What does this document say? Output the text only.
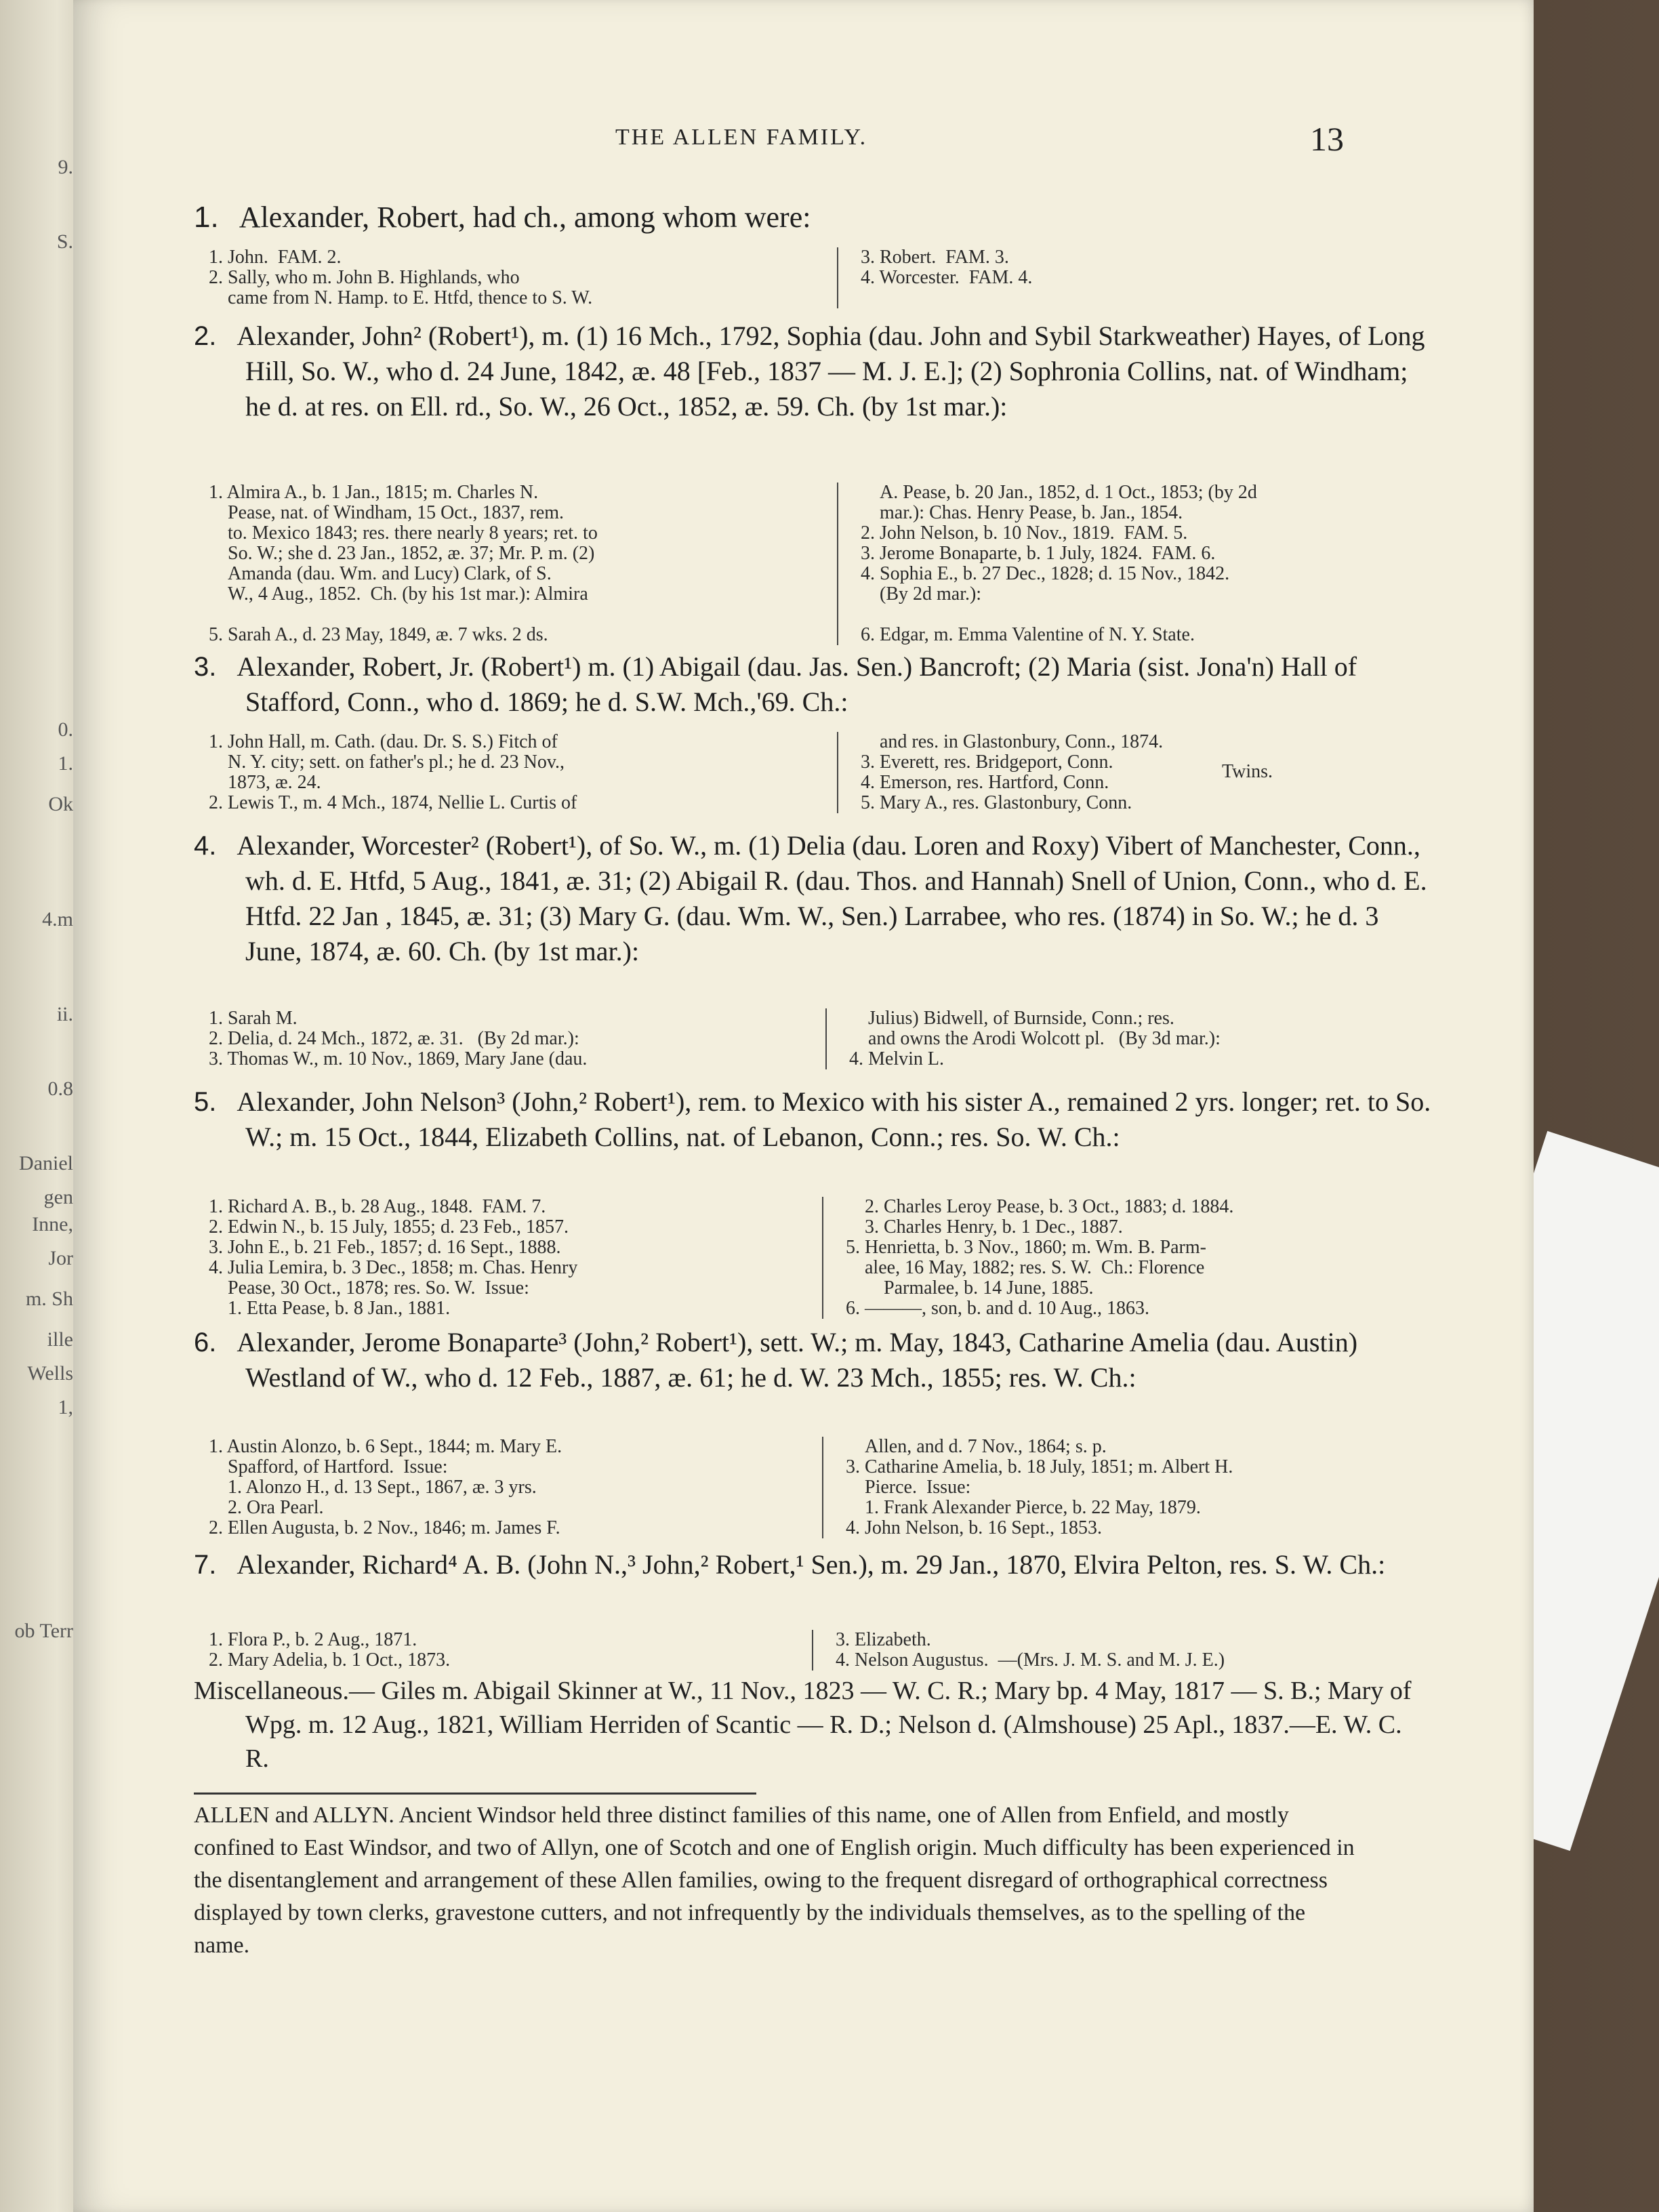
9.
S.
0.
1.
Ok
4.m
ii.
0.8
Daniel
gen
Inne,
Jor
m. Sh
ille
Wells
1,
ob Terr
THE ALLEN FAMILY.	13
1. Alexander, Robert, had ch., among whom were:
1. John.  FAM. 2.
2. Sally, who m. John B. Highlands, who
came from N. Hamp. to E. Htfd, thence to S. W.
3. Robert.  FAM. 3.
4. Worcester.  FAM. 4.
2. Alexander, John² (Robert¹), m. (1) 16 Mch., 1792, Sophia (dau. John and Sybil Starkweather) Hayes, of Long Hill, So. W., who d. 24 June, 1842, æ. 48 [Feb., 1837 — M. J. E.]; (2) Sophronia Collins, nat. of Windham; he d. at res. on Ell. rd., So. W., 26 Oct., 1852, æ. 59. Ch. (by 1st mar.):
1. Almira A., b. 1 Jan., 1815; m. Charles N.
Pease, nat. of Windham, 15 Oct., 1837, rem.
to. Mexico 1843; res. there nearly 8 years; ret. to
So. W.; she d. 23 Jan., 1852, æ. 37; Mr. P. m. (2)
Amanda (dau. Wm. and Lucy) Clark, of S.
W., 4 Aug., 1852.  Ch. (by his 1st mar.): Almira

5. Sarah A., d. 23 May, 1849, æ. 7 wks. 2 ds.
A. Pease, b. 20 Jan., 1852, d. 1 Oct., 1853; (by 2d
mar.): Chas. Henry Pease, b. Jan., 1854.
2. John Nelson, b. 10 Nov., 1819.  FAM. 5.
3. Jerome Bonaparte, b. 1 July, 1824.  FAM. 6.
4. Sophia E., b. 27 Dec., 1828; d. 15 Nov., 1842.
(By 2d mar.):

6. Edgar, m. Emma Valentine of N. Y. State.
3. Alexander, Robert, Jr. (Robert¹) m. (1) Abigail (dau. Jas. Sen.) Bancroft; (2) Maria (sist. Jona'n) Hall of Stafford, Conn., who d. 1869; he d. S.W. Mch.,'69. Ch.:
1. John Hall, m. Cath. (dau. Dr. S. S.) Fitch of
N. Y. city; sett. on father's pl.; he d. 23 Nov.,
1873, æ. 24.
2. Lewis T., m. 4 Mch., 1874, Nellie L. Curtis of
and res. in Glastonbury, Conn., 1874.
3. Everett, res. Bridgeport, Conn.
4. Emerson, res. Hartford, Conn.
5. Mary A., res. Glastonbury, Conn.
Twins.
4. Alexander, Worcester² (Robert¹), of So. W., m. (1) Delia (dau. Loren and Roxy) Vibert of Manchester, Conn., wh. d. E. Htfd, 5 Aug., 1841, æ. 31; (2) Abigail R. (dau. Thos. and Hannah) Snell of Union, Conn., who d. E. Htfd. 22 Jan , 1845, æ. 31; (3) Mary G. (dau. Wm. W., Sen.) Larrabee, who res. (1874) in So. W.; he d. 3 June, 1874, æ. 60. Ch. (by 1st mar.):
1. Sarah M.
2. Delia, d. 24 Mch., 1872, æ. 31.   (By 2d mar.):
3. Thomas W., m. 10 Nov., 1869, Mary Jane (dau.
Julius) Bidwell, of Burnside, Conn.; res.
and owns the Arodi Wolcott pl.   (By 3d mar.):
4. Melvin L.
5. Alexander, John Nelson³ (John,² Robert¹), rem. to Mexico with his sister A., remained 2 yrs. longer; ret. to So. W.; m. 15 Oct., 1844, Elizabeth Collins, nat. of Lebanon, Conn.; res. So. W. Ch.:
1. Richard A. B., b. 28 Aug., 1848.  FAM. 7.
2. Edwin N., b. 15 July, 1855; d. 23 Feb., 1857.
3. John E., b. 21 Feb., 1857; d. 16 Sept., 1888.
4. Julia Lemira, b. 3 Dec., 1858; m. Chas. Henry
Pease, 30 Oct., 1878; res. So. W.  Issue:
1. Etta Pease, b. 8 Jan., 1881.
2. Charles Leroy Pease, b. 3 Oct., 1883; d. 1884.
3. Charles Henry, b. 1 Dec., 1887.
5. Henrietta, b. 3 Nov., 1860; m. Wm. B. Parm-
alee, 16 May, 1882; res. S. W.  Ch.: Florence
Parmalee, b. 14 June, 1885.
6. ———, son, b. and d. 10 Aug., 1863.
6. Alexander, Jerome Bonaparte³ (John,² Robert¹), sett. W.; m. May, 1843, Catharine Amelia (dau. Austin) Westland of W., who d. 12 Feb., 1887, æ. 61; he d. W. 23 Mch., 1855; res. W. Ch.:
1. Austin Alonzo, b. 6 Sept., 1844; m. Mary E.
Spafford, of Hartford.  Issue:
1. Alonzo H., d. 13 Sept., 1867, æ. 3 yrs.
2. Ora Pearl.
2. Ellen Augusta, b. 2 Nov., 1846; m. James F.
Allen, and d. 7 Nov., 1864; s. p.
3. Catharine Amelia, b. 18 July, 1851; m. Albert H.
Pierce.  Issue:
1. Frank Alexander Pierce, b. 22 May, 1879.
4. John Nelson, b. 16 Sept., 1853.
7. Alexander, Richard⁴ A. B. (John N.,³ John,² Robert,¹ Sen.), m. 29 Jan., 1870, Elvira Pelton, res. S. W. Ch.:
1. Flora P., b. 2 Aug., 1871.
2. Mary Adelia, b. 1 Oct., 1873.
3. Elizabeth.
4. Nelson Augustus.  —(Mrs. J. M. S. and M. J. E.)
Miscellaneous.— Giles m. Abigail Skinner at W., 11 Nov., 1823 — W. C. R.; Mary bp. 4 May, 1817 — S. B.; Mary of Wpg. m. 12 Aug., 1821, William Herriden of Scantic — R. D.; Nelson d. (Almshouse) 25 Apl., 1837.—E. W. C. R.
ALLEN and ALLYN. Ancient Windsor held three distinct families of this name, one of Allen from Enfield, and mostly confined to East Windsor, and two of Allyn, one of Scotch and one of English origin. Much difficulty has been experienced in the disentanglement and arrangement of these Allen families, owing to the frequent disregard of orthographical correctness displayed by town clerks, gravestone cutters, and not infrequently by the individuals themselves, as to the spelling of the name.
